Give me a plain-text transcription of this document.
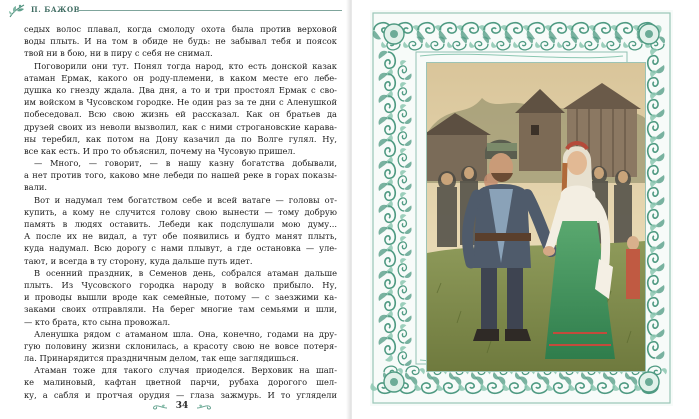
П. БАЖОВ
седых волос плавал, когда смолоду охота была против верховой
воды плыть. И на том в обиде не будь: не забывал тебя и поясок
твой ни в бою, ни в пиру с себя не снимал.
Поговорили они тут. Понял тогда народ, кто есть донской казак
атаман Ермак, какого он роду-племени, в каком месте его лебе-
душка ко гнезду ждала. Два дня, а то и три простоял Ермак с сво-
им войском в Чусовском городке. Не один раз за те дни с Аленушкой
побеседовал. Всю свою жизнь ей рассказал. Как он братьев да
друзей своих из неволи вызволил, как с ними строгановские карава-
ны теребил, как потом на Дону казачил да по Волге гулял. Ну,
все как есть. И про то объяснил, почему на Чусовую пришел.
— Много, — говорит, — в нашу казну богатства добывали,
а нет против того, каково мне лебеди по нашей реке в горах показы-
вали.
Вот и надумал тем богатством себе и всей ватаге — головы от-
купить, а кому не случится голову свою вынести — тому добрую
память в людях оставить. Лебеди как подслушали мою думу...
А после их не видал, а тут обе появились и будто манят плыть,
куда надумал. Всю дорогу с нами плывут, а где остановка — уле-
тают, и всегда в ту сторону, куда дальше путь идет.
В осенний праздник, в Семенов день, собрался атаман дальше
плыть. Из Чусовского городка народу в войско прибыло. Ну,
и проводы вышли вроде как семейные, потому — с заезжими ка-
заками своих отправляли. На берег многие там семьями и шли,
— кто брата, кто сына провожал.
Аленушка рядом с атаманом шла. Она, конечно, годами на дру-
гую половину жизни склонилась, а красоту свою не вовсе потеря-
ла. Принарядится праздничным делом, так еще заглядишься.
Атаман тоже для такого случая приоделся. Верховик на шап-
ке малиновый, кафтан цветной парчи, рубаха дорогого шел-
ку, а сабля и протчая орудия — глаза зажмурь. И то углядели
34
